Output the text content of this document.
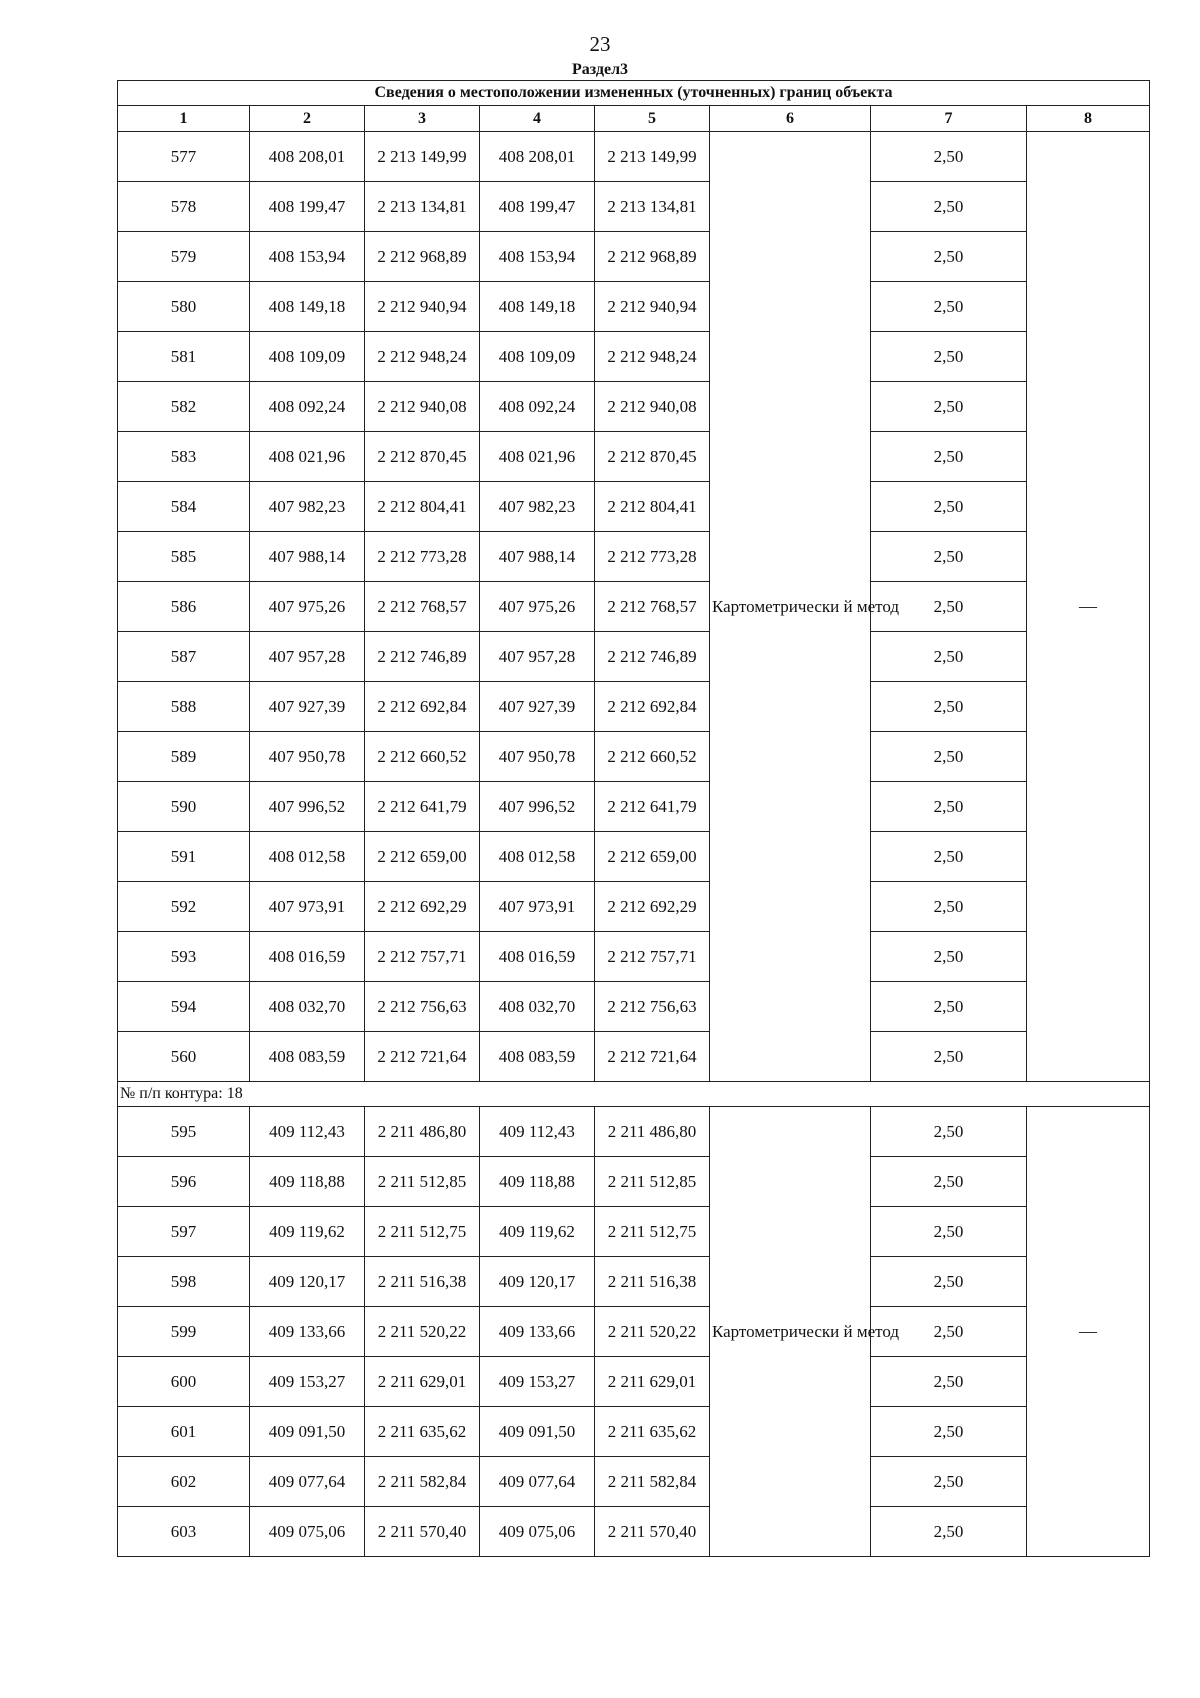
23
Раздел3
Сведения о местоположении измененных (уточненных) границ объекта							
1	2	3	4	5	6	7	8
577	408 208,01	2 213 149,99	408 208,01	2 213 149,99	Картометрически й метод	2,50	—
578	408 199,47	2 213 134,81	408 199,47	2 213 134,81		2,50	
579	408 153,94	2 212 968,89	408 153,94	2 212 968,89		2,50	
580	408 149,18	2 212 940,94	408 149,18	2 212 940,94		2,50	
581	408 109,09	2 212 948,24	408 109,09	2 212 948,24		2,50	
582	408 092,24	2 212 940,08	408 092,24	2 212 940,08		2,50	
583	408 021,96	2 212 870,45	408 021,96	2 212 870,45		2,50	
584	407 982,23	2 212 804,41	407 982,23	2 212 804,41		2,50	
585	407 988,14	2 212 773,28	407 988,14	2 212 773,28		2,50	
586	407 975,26	2 212 768,57	407 975,26	2 212 768,57		2,50	
587	407 957,28	2 212 746,89	407 957,28	2 212 746,89		2,50	
588	407 927,39	2 212 692,84	407 927,39	2 212 692,84		2,50	
589	407 950,78	2 212 660,52	407 950,78	2 212 660,52		2,50	
590	407 996,52	2 212 641,79	407 996,52	2 212 641,79		2,50	
591	408 012,58	2 212 659,00	408 012,58	2 212 659,00		2,50	
592	407 973,91	2 212 692,29	407 973,91	2 212 692,29		2,50	
593	408 016,59	2 212 757,71	408 016,59	2 212 757,71		2,50	
594	408 032,70	2 212 756,63	408 032,70	2 212 756,63		2,50	
560	408 083,59	2 212 721,64	408 083,59	2 212 721,64		2,50	
№ п/п контура: 18							
595	409 112,43	2 211 486,80	409 112,43	2 211 486,80	Картометрически й метод	2,50	—
596	409 118,88	2 211 512,85	409 118,88	2 211 512,85		2,50	
597	409 119,62	2 211 512,75	409 119,62	2 211 512,75		2,50	
598	409 120,17	2 211 516,38	409 120,17	2 211 516,38		2,50	
599	409 133,66	2 211 520,22	409 133,66	2 211 520,22		2,50	
600	409 153,27	2 211 629,01	409 153,27	2 211 629,01		2,50	
601	409 091,50	2 211 635,62	409 091,50	2 211 635,62		2,50	
602	409 077,64	2 211 582,84	409 077,64	2 211 582,84		2,50	
603	409 075,06	2 211 570,40	409 075,06	2 211 570,40		2,50	
